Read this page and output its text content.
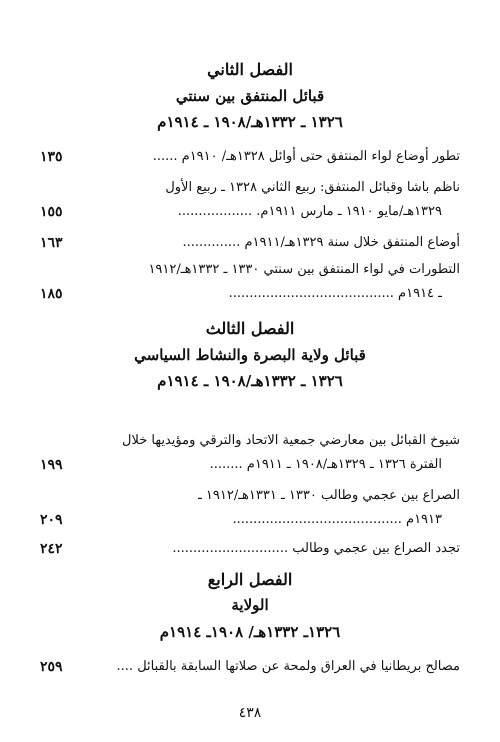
الفصل الثاني
قبائل المنتفق بين سنتي
١٣٢٦ ـ ١٣٣٢هـ/١٩٠٨ ـ ١٩١٤م
تطور أوضاع لواء المنتفق حتى أوائل ١٣٢٨هـ/ ١٩١٠م ......
١٣٥
ناظم باشا وقبائل المنتفق: ربيع الثاني ١٣٢٨ ـ ربيع الأول
١٣٢٩هـ/مايو ١٩١٠ ـ مارس ١٩١١م. ..................
١٥٥
أوضاع المنتفق خلال سنة ١٣٢٩هـ/١٩١١م ..............
١٦٣
التطورات في لواء المنتفق بين سنتي ١٣٣٠ ـ ١٣٣٢هـ/١٩١٢
ـ ١٩١٤م ........................................
١٨٥
الفصل الثالث
قبائل ولاية البصرة والنشاط السياسي
١٣٢٦ ـ ١٣٣٢هـ/١٩٠٨ ـ ١٩١٤م
شيوخ القبائل بين معارضي جمعية الاتحاد والترقي ومؤيديها خلال
الفترة ١٣٢٦ ـ ١٣٢٩هـ/١٩٠٨ ـ ١٩١١م ........
١٩٩
الصراع بين عجمي وطالب ١٣٣٠ ـ ١٣٣١هـ/١٩١٢ ـ
١٩١٣م .........................................
٢٠٩
تجدد الصراع بين عجمي وطالب ............................
٢٤٢
الفصل الرابع
الولاية
١٣٢٦ـ ١٣٣٢هـ/ ١٩٠٨ـ ١٩١٤م
مصالح بريطانيا في العراق ولمحة عن صلاتها السابقة بالقبائل ....
٢٥٩
٤٣٨
